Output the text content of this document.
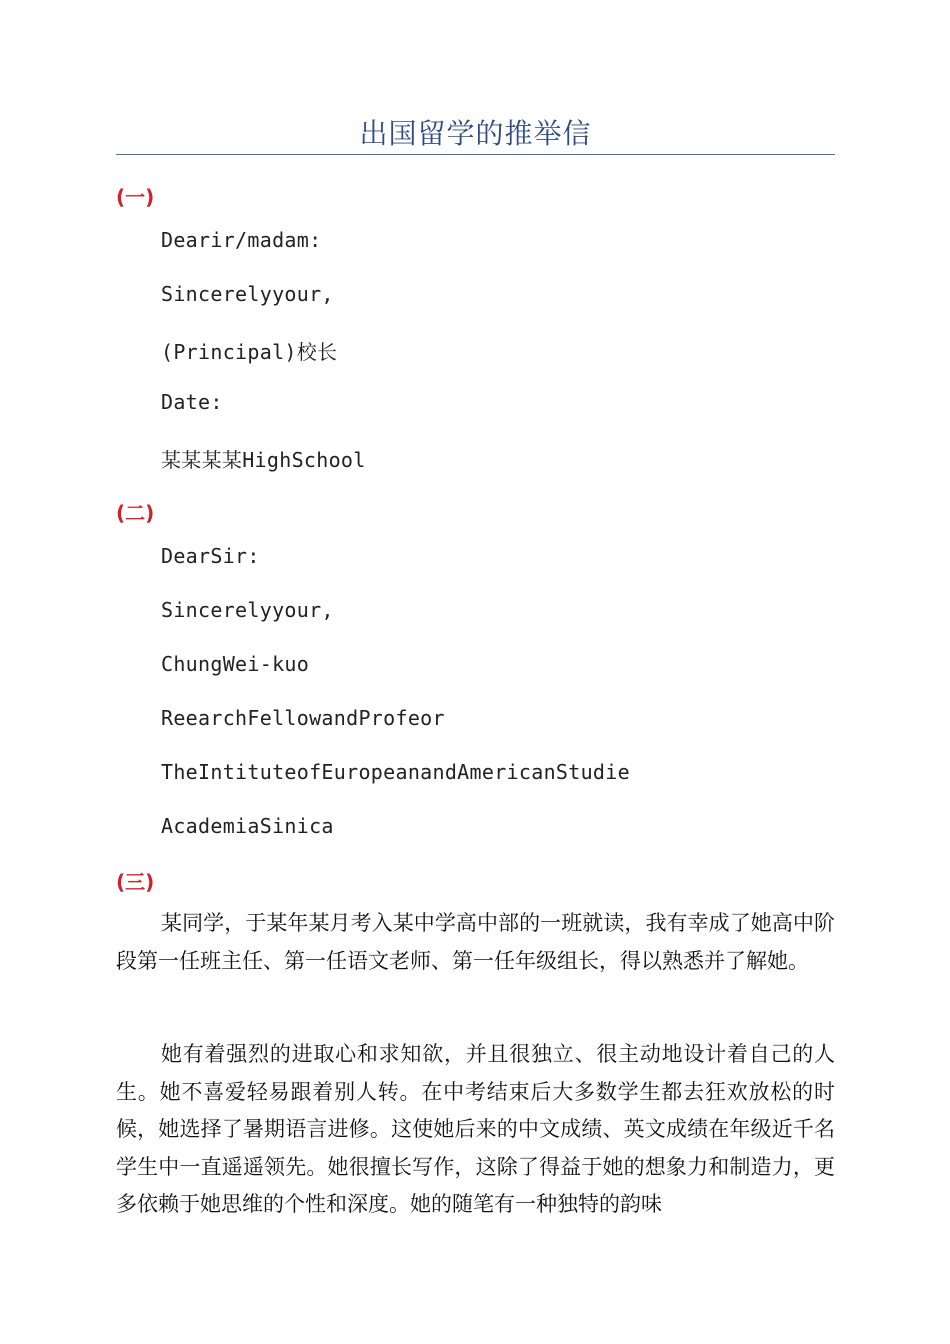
出国留学的推举信
(一)
Dearir/madam:
Sincerelyyour,
(Principal)校长
Date:
某某某某HighSchool
(二)
DearSir:
Sincerelyyour,
ChungWei-kuo
ReearchFellowandProfeor
TheIntituteofEuropeanandAmericanStudie
AcademiaSinica
(三)

某同学，于某年某月考入某中学高中部的一班就读，我有幸成了她高中阶段第一任班主任、第一任语文老师、第一任年级组长，得以熟悉并了解她。

她有着强烈的进取心和求知欲，并且很独立、很主动地设计着自己的人生。她不喜爱轻易跟着别人转。在中考结束后大多数学生都去狂欢放松的时候，她选择了暑期语言进修。这使她后来的中文成绩、英文成绩在年级近千名学生中一直遥遥领先。她很擅长写作，这除了得益于她的想象力和制造力，更多依赖于她思维的个性和深度。她的随笔有一种独特的韵味
